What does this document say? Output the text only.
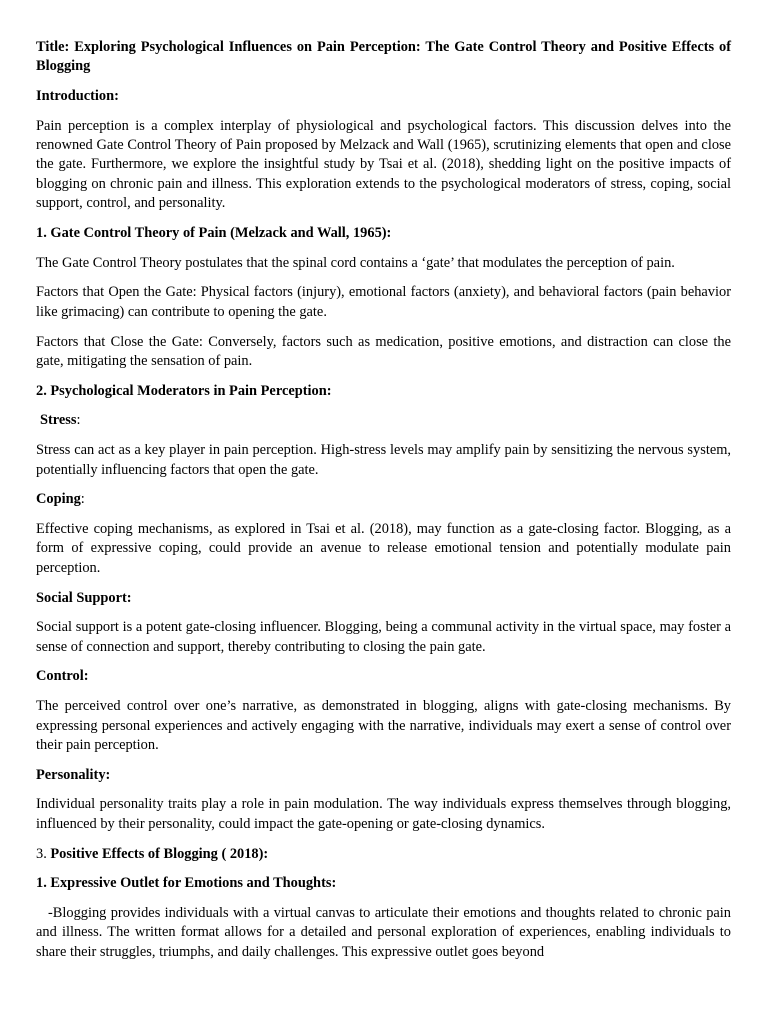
Title: Exploring Psychological Influences on Pain Perception: The Gate Control Theory and Positive Effects of Blogging

Introduction:

Pain perception is a complex interplay of physiological and psychological factors. This discussion delves into the renowned Gate Control Theory of Pain proposed by Melzack and Wall (1965), scrutinizing elements that open and close the gate. Furthermore, we explore the insightful study by Tsai et al. (2018), shedding light on the positive impacts of blogging on chronic pain and illness. This exploration extends to the psychological moderators of stress, coping, social support, control, and personality.

1. Gate Control Theory of Pain (Melzack and Wall, 1965):

The Gate Control Theory postulates that the spinal cord contains a ‘gate’ that modulates the perception of pain.

Factors that Open the Gate: Physical factors (injury), emotional factors (anxiety), and behavioral factors (pain behavior like grimacing) can contribute to opening the gate.

Factors that Close the Gate: Conversely, factors such as medication, positive emotions, and distraction can close the gate, mitigating the sensation of pain.

2. Psychological Moderators in Pain Perception:

Stress:

Stress can act as a key player in pain perception. High-stress levels may amplify pain by sensitizing the nervous system, potentially influencing factors that open the gate.

Coping:

Effective coping mechanisms, as explored in Tsai et al. (2018), may function as a gate-closing factor. Blogging, as a form of expressive coping, could provide an avenue to release emotional tension and potentially modulate pain perception.

Social Support:

Social support is a potent gate-closing influencer. Blogging, being a communal activity in the virtual space, may foster a sense of connection and support, thereby contributing to closing the pain gate.

Control:

The perceived control over one’s narrative, as demonstrated in blogging, aligns with gate-closing mechanisms. By expressing personal experiences and actively engaging with the narrative, individuals may exert a sense of control over their pain perception.

Personality:

Individual personality traits play a role in pain modulation. The way individuals express themselves through blogging, influenced by their personality, could impact the gate-opening or gate-closing dynamics.

3. Positive Effects of Blogging ( 2018):

1. Expressive Outlet for Emotions and Thoughts:

-Blogging provides individuals with a virtual canvas to articulate their emotions and thoughts related to chronic pain and illness. The written format allows for a detailed and personal exploration of experiences, enabling individuals to share their struggles, triumphs, and daily challenges. This expressive outlet goes beyond
